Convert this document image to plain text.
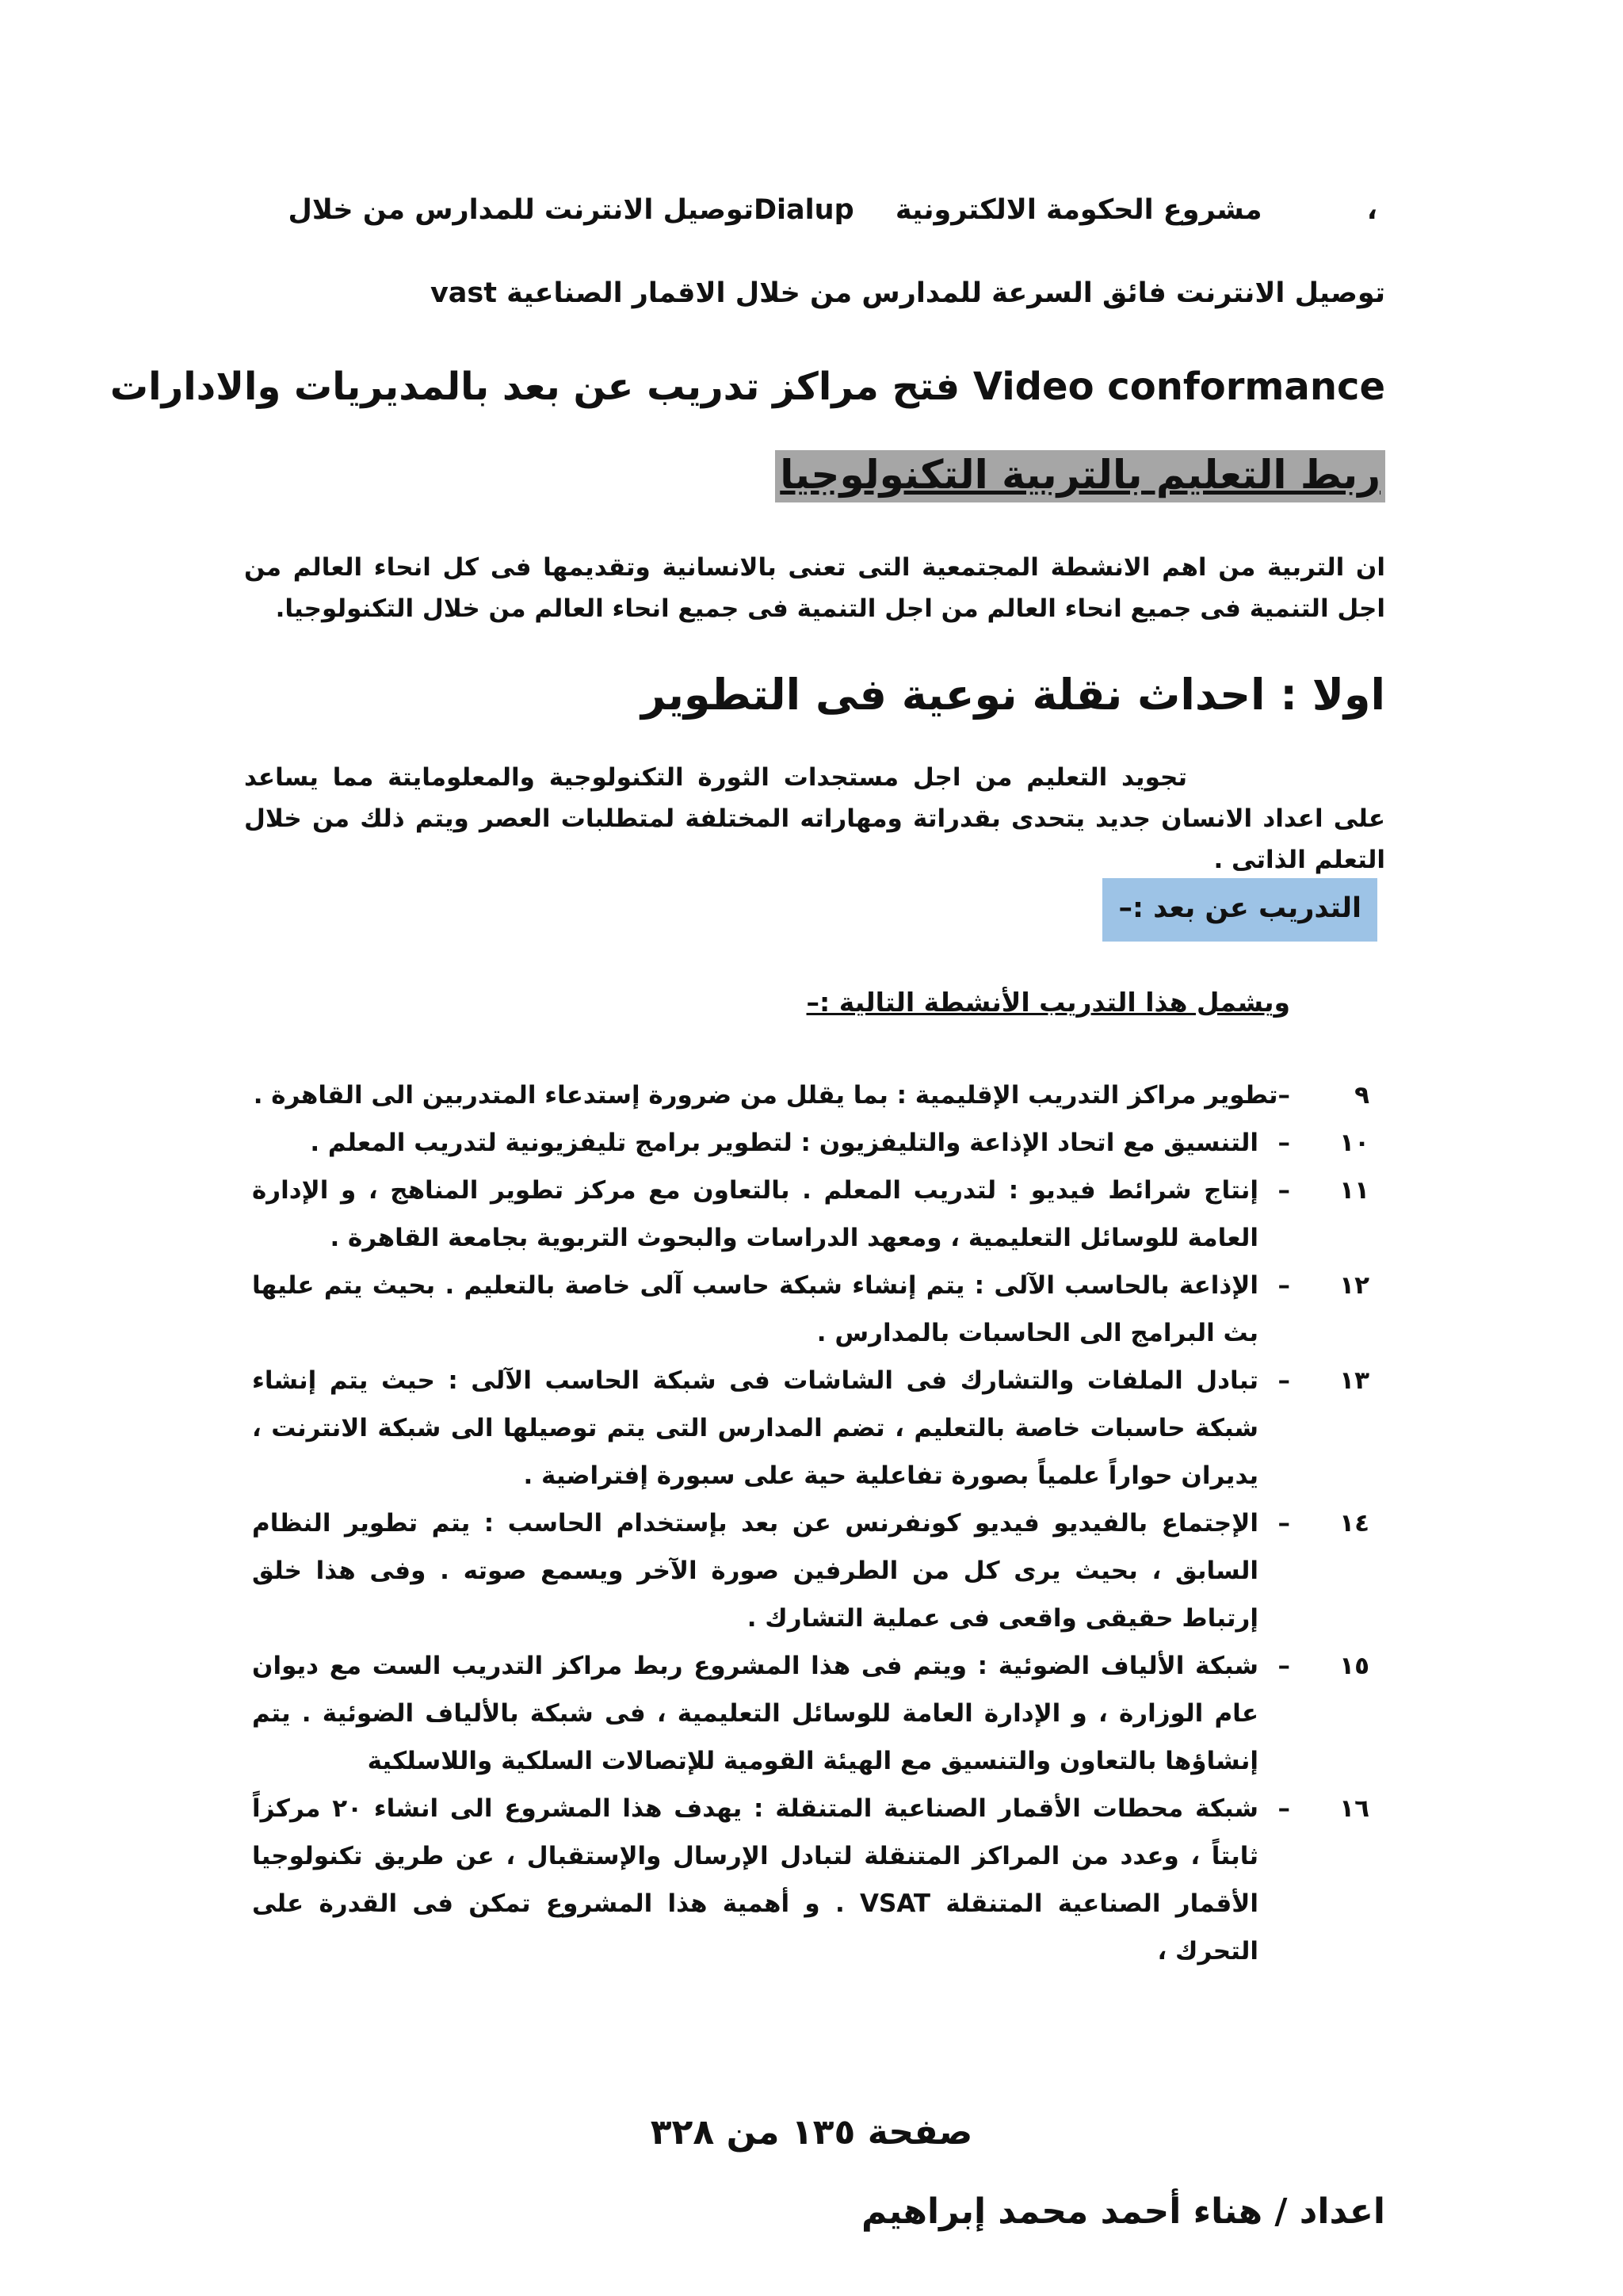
، مشروع الحكومة الالكترونية Dialupتوصيل الانترنت للمدارس من خلال
توصيل الانترنت فائق السرعة للمدارس من خلال الاقمار الصناعية vast
Video conformance فتح مراكز تدريب عن بعد بالمديريات والادارات
ربط التعليم بالتربية التكنولوجيا
ان التربية من اهم الانشطة المجتمعية التى تعنى بالانسانية وتقديمها فى كل انحاء العالم من اجل التنمية فى جميع انحاء العالم من اجل التنمية فى جميع انحاء العالم من خلال التكنولوجيا.
اولا : احداث نقلة نوعية فى التطوير
تجويد التعليم من اجل مستجدات الثورة التكنولوجية والمعلومايتة مما يساعد على اعداد الانسان جديد يتحدى بقدراتة ومهاراته المختلفة لمتطلبات العصر ويتم ذلك من خلال التعلم الذاتى .
التدريب عن بعد :–
ويشمل هذا التدريب الأنشطة التالية :–
٩
–تطوير مراكز التدريب الإقليمية : بما يقلل من ضرورة إستدعاء المتدربين الى القاهرة .
١٠
–
التنسيق مع اتحاد الإذاعة والتليفزيون : لتطوير برامج تليفزيونية لتدريب المعلم .
١١
–
إنتاج شرائط فيديو : لتدريب المعلم . بالتعاون مع مركز تطوير المناهج ، و الإدارة العامة للوسائل التعليمية ، ومعهد الدراسات والبحوث التربوية بجامعة القاهرة .
١٢
–
الإذاعة بالحاسب الآلى : يتم إنشاء شبكة حاسب آلى خاصة بالتعليم . بحيث يتم عليها بث البرامج الى الحاسبات بالمدارس .
١٣
–
تبادل الملفات والتشارك فى الشاشات فى شبكة الحاسب الآلى : حيث يتم إنشاء شبكة حاسبات خاصة بالتعليم ، تضم المدارس التى يتم توصيلها الى شبكة الانترنت ، يديران حواراً علمياً بصورة تفاعلية حية على سبورة إفتراضية .
١٤
–
الإجتماع بالفيديو فيديو كونفرنس عن بعد بإستخدام الحاسب : يتم تطوير النظام السابق ، بحيث يرى كل من الطرفين صورة الآخر ويسمع صوته . وفى هذا خلق إرتباط حقيقى واقعى فى عملية التشارك .
١٥
–
شبكة الألياف الضوئية : ويتم فى هذا المشروع ربط مراكز التدريب الست مع ديوان عام الوزارة ، و الإدارة العامة للوسائل التعليمية ، فى شبكة بالألياف الضوئية . يتم إنشاؤها بالتعاون والتنسيق مع الهيئة القومية للإتصالات السلكية واللاسلكية
١٦
–
شبكة محطات الأقمار الصناعية المتنقلة : يهدف هذا المشروع الى انشاء ٢٠ مركزاً ثابتاً ، وعدد من المراكز المتنقلة لتبادل الإرسال والإستقبال ، عن طريق تكنولوجيا الأقمار الصناعية المتنقلة VSAT . و أهمية هذا المشروع تمكن فى القدرة على التحرك ،
صفحة ١٣٥ من ٣٢٨
اعداد / هناء أحمد محمد إبراهيم
